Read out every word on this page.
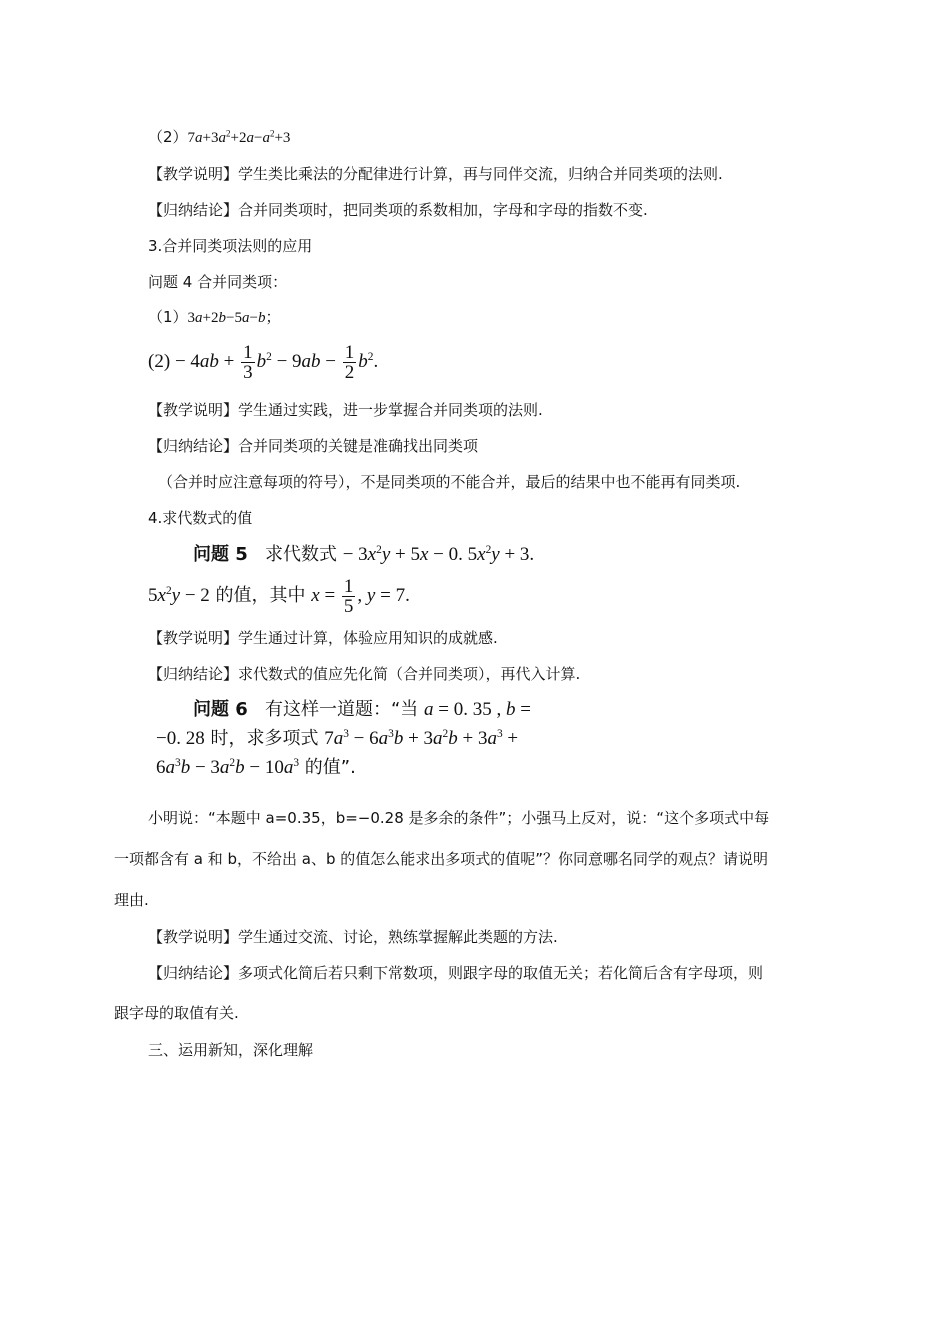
$(2)7a+3a^2+2a-a^2+3$
【教学说明】学生类比乘法的分配律进行计算，再与同伴交流，归纳合并同类项的法则.
【归纳结论】合并同类项时，把同类项的系数相加，字母和字母的指数不变.
3.合并同类项法则的应用
问题 4 合并同类项：
（1）3a+2b−5a−b；
$(2) - 4ab + \frac{1}{3} b^2 - 9ab - \frac{1}{2} b^2$.
【教学说明】学生通过实践，进一步掌握合并同类项的法则.
【归纳结论】合并同类项的关键是准确找出同类项
（合并时应注意每项的符号），不是同类项的不能合并，最后的结果中也不能再有同类项.
4.求代数式的值
问题 5 求代数式 − $3x^2y + 5x - 0$. $5x^2y + 3$.
$5x^2y - 2$ 的值，其中 $x = \frac{1}{5}$ , y = 7.
【教学说明】学生通过计算，体验应用知识的成就感.
【归纳结论】求代数式的值应先化简（合并同类项），再代入计算.
问题 6 有这样一道题：“当 a = 0. 35 , b =
−0. 28 时，求多项式 $7a^3 - 6a^3b + 3a^2b + 3a^3$ +
$6a^3b - 3a^2b - 10a^3$ 的值”.
小明说：“本题中 a=0.35，b=−0.28 是多余的条件”；小强马上反对，说：“这个多项式中每
一项都含有 a 和 b，不给出 a、b 的值怎么能求出多项式的值呢”？你同意哪名同学的观点？请说明
理由.
【教学说明】学生通过交流、讨论，熟练掌握解此类题的方法.
【归纳结论】多项式化简后若只剩下常数项，则跟字母的取值无关；若化简后含有字母项，则
跟字母的取值有关.
三、运用新知，深化理解
